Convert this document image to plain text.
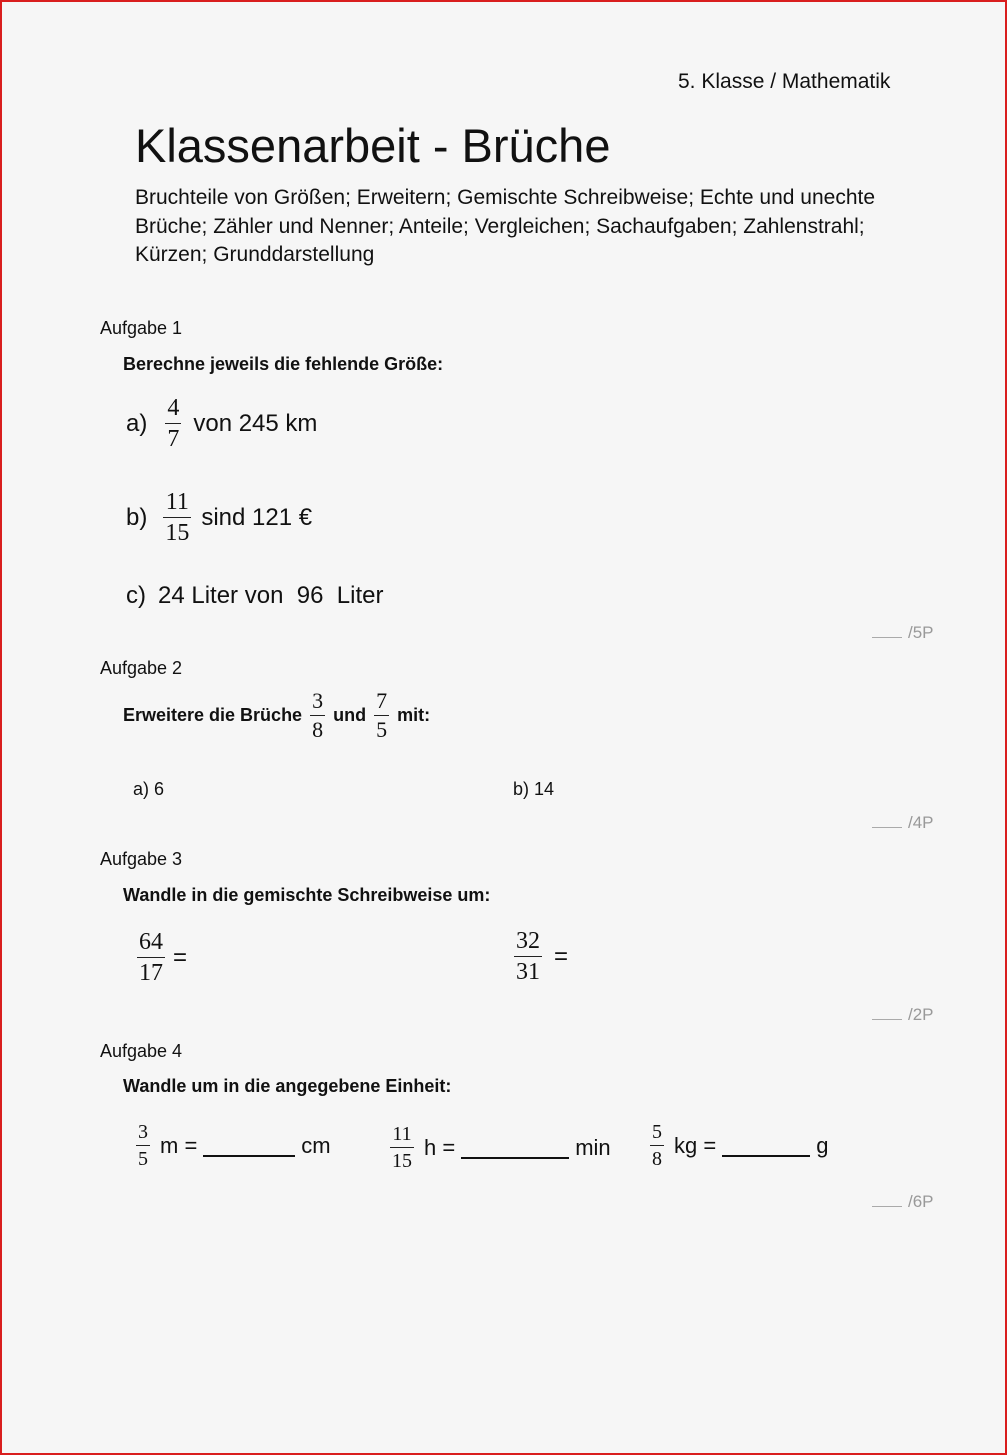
5. Klasse / Mathematik
Klassenarbeit - Brüche
Bruchteile von Größen; Erweitern; Gemischte Schreibweise; Echte und unechte Brüche; Zähler und Nenner; Anteile; Vergleichen; Sachaufgaben; Zahlenstrahl; Kürzen; Grunddarstellung
Aufgabe 1
Berechne jeweils die fehlende Größe:
$a) \frac{4}{7}$ von 245 km
$b) \frac{11}{15}$ sind 121 €
c) 24 Liter von  96  Liter
/5P
Aufgabe 2
Erweitere die Brüche $\frac{3}{8}$ und $\frac{7}{5}$ mit:
a) 6	b) 14
/4P
Aufgabe 3
Wandle in die gemischte Schreibweise um:
$\frac{64}{17}$ =	$\frac{32}{31}$ =
/2P
Aufgabe 4
Wandle um in die angegebene Einheit:
$\frac{3}{5}$ m =	cm	$\frac{11}{15}$ h =	$\min \frac{5}{8}$ kg =	g
/6P
